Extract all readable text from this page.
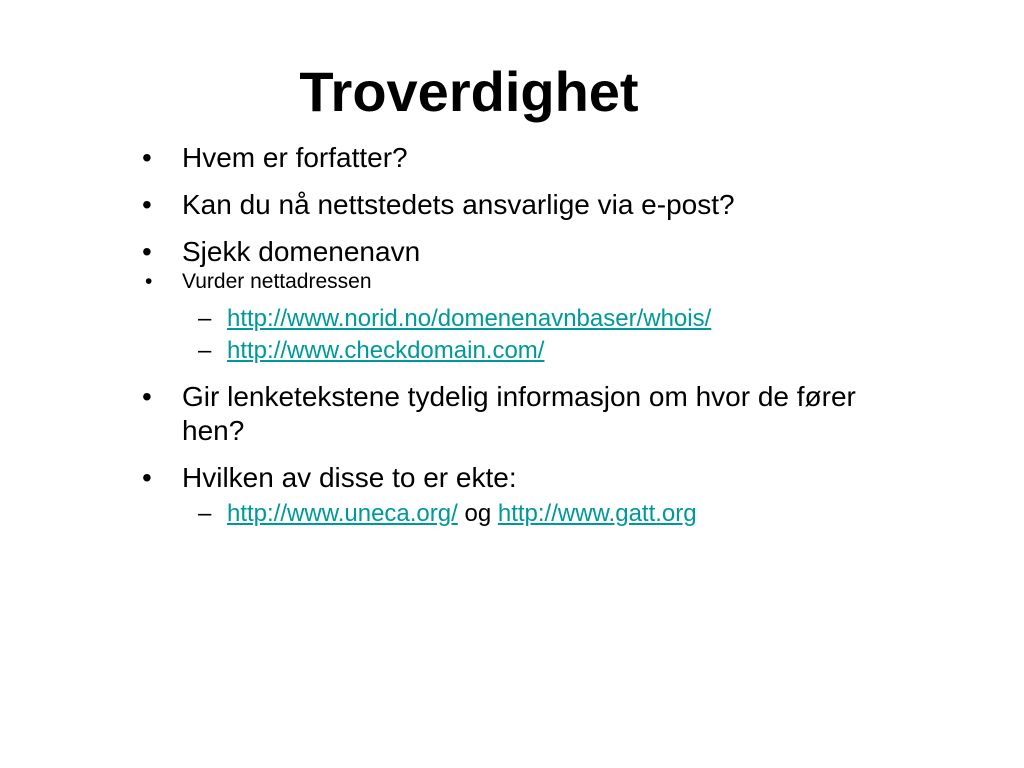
Troverdighet
• Hvem er forfatter?
• Kan du nå nettstedets ansvarlige via e-post?
• Sjekk domenenavn
• Vurder nettadressen
– http://www.norid.no/domenenavnbaser/whois/
– http://www.checkdomain.com/
• Gir lenketekstene tydelig informasjon om hvor de fører hen?
• Hvilken av disse to er ekte:
– http://www.uneca.org/ og http://www.gatt.org
